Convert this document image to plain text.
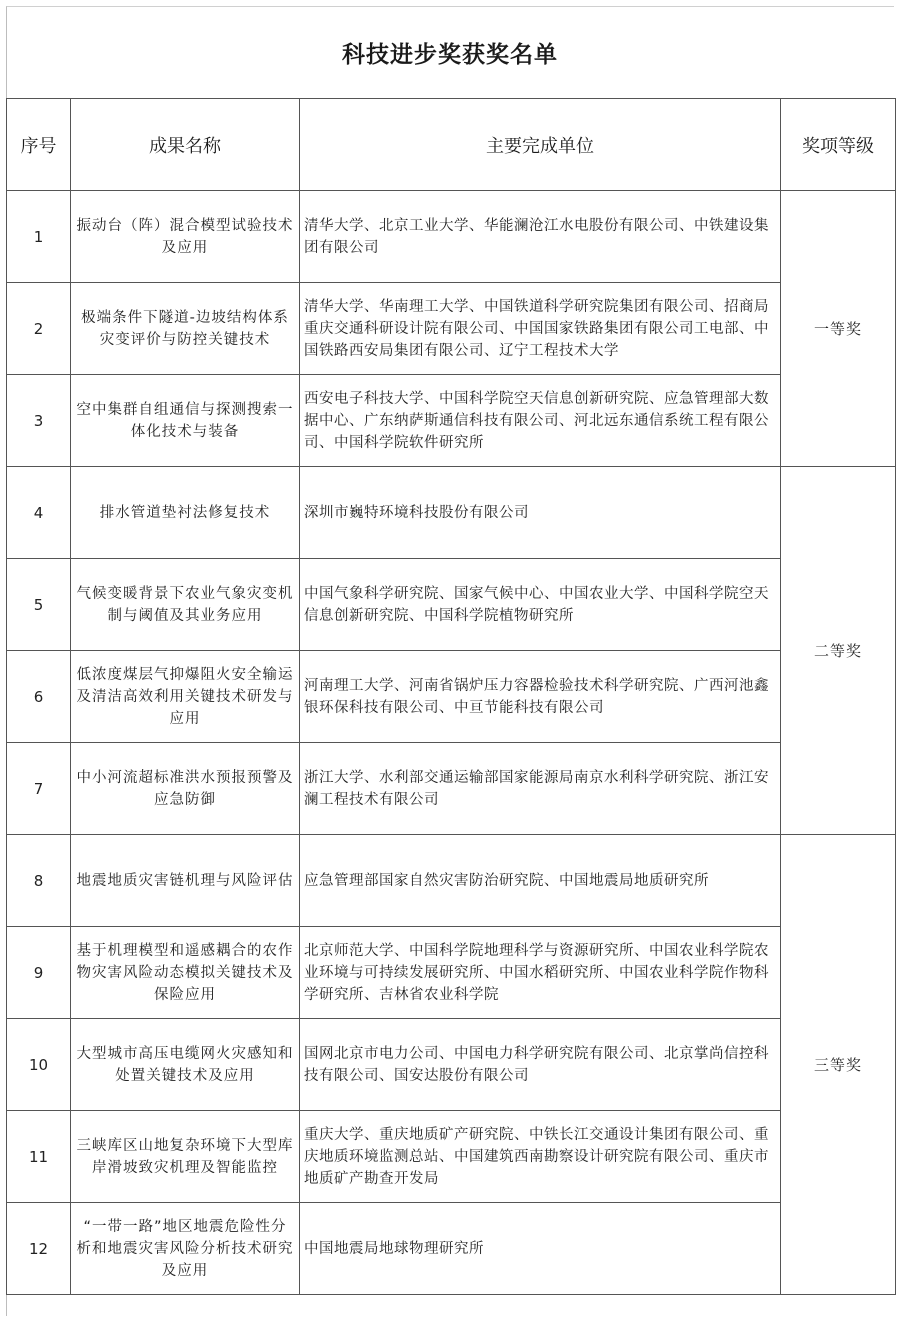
科技进步奖获奖名单
序号	成果名称	主要完成单位	奖项等级
1	振动台（阵）混合模型试验技术及应用	清华大学、北京工业大学、华能澜沧江水电股份有限公司、中铁建设集团有限公司	一等奖
2	极端条件下隧道-边坡结构体系灾变评价与防控关键技术	清华大学、华南理工大学、中国铁道科学研究院集团有限公司、招商局重庆交通科研设计院有限公司、中国国家铁路集团有限公司工电部、中国铁路西安局集团有限公司、辽宁工程技术大学	
3	空中集群自组通信与探测搜索一体化技术与装备	西安电子科技大学、中国科学院空天信息创新研究院、应急管理部大数据中心、广东纳萨斯通信科技有限公司、河北远东通信系统工程有限公司、中国科学院软件研究所	
4	排水管道垫衬法修复技术	深圳市巍特环境科技股份有限公司	二等奖
5	气候变暖背景下农业气象灾变机制与阈值及其业务应用	中国气象科学研究院、国家气候中心、中国农业大学、中国科学院空天信息创新研究院、中国科学院植物研究所	
6	低浓度煤层气抑爆阻火安全输运及清洁高效利用关键技术研发与应用	河南理工大学、河南省锅炉压力容器检验技术科学研究院、广西河池鑫银环保科技有限公司、中亘节能科技有限公司	
7	中小河流超标准洪水预报预警及应急防御	浙江大学、水利部交通运输部国家能源局南京水利科学研究院、浙江安澜工程技术有限公司	
8	地震地质灾害链机理与风险评估	应急管理部国家自然灾害防治研究院、中国地震局地质研究所	三等奖
9	基于机理模型和遥感耦合的农作物灾害风险动态模拟关键技术及保险应用	北京师范大学、中国科学院地理科学与资源研究所、中国农业科学院农业环境与可持续发展研究所、中国水稻研究所、中国农业科学院作物科学研究所、吉林省农业科学院	
10	大型城市高压电缆网火灾感知和处置关键技术及应用	国网北京市电力公司、中国电力科学研究院有限公司、北京掌尚信控科技有限公司、国安达股份有限公司	
11	三峡库区山地复杂环境下大型库岸滑坡致灾机理及智能监控	重庆大学、重庆地质矿产研究院、中铁长江交通设计集团有限公司、重庆地质环境监测总站、中国建筑西南勘察设计研究院有限公司、重庆市地质矿产勘查开发局	
12	“一带一路”地区地震危险性分析和地震灾害风险分析技术研究及应用	中国地震局地球物理研究所	
